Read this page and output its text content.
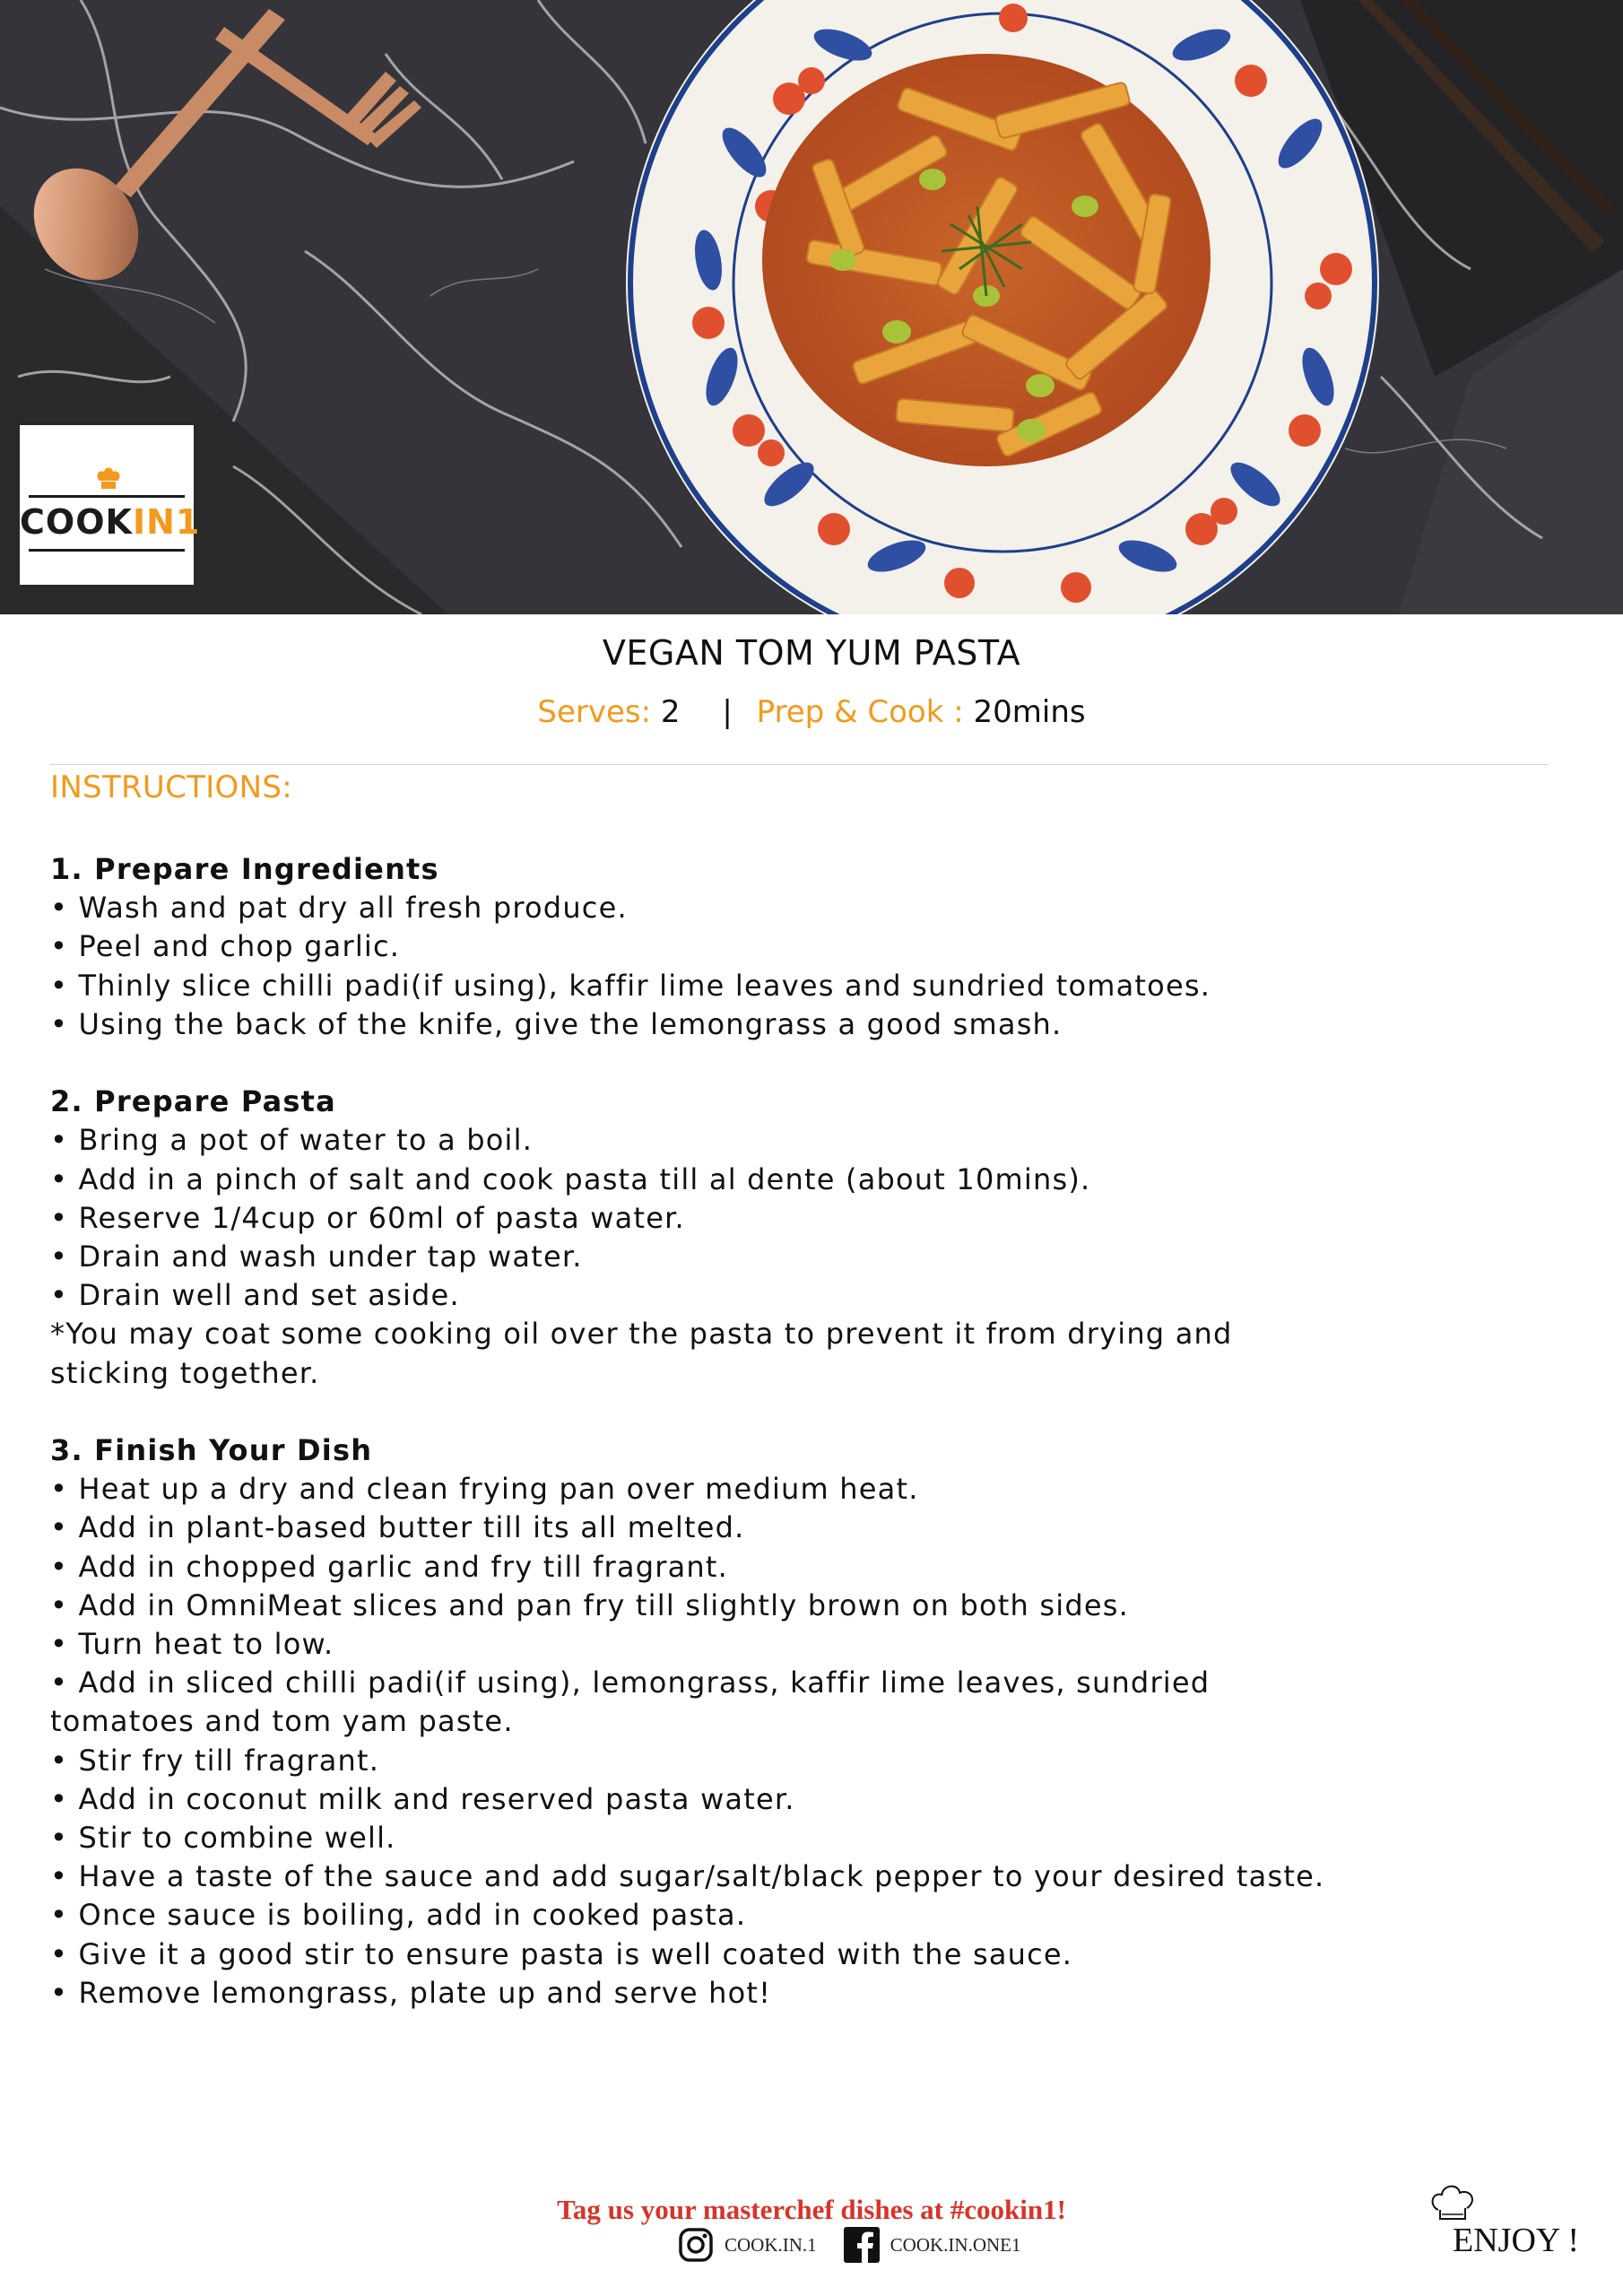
COOKIN1
VEGAN TOM YUM PASTA
Serves: 2 | Prep & Cook : 20mins
INSTRUCTIONS:
1. Prepare Ingredients
• Wash and pat dry all fresh produce.
• Peel and chop garlic.
• Thinly slice chilli padi(if using), kaffir lime leaves and sundried tomatoes.
• Using the back of the knife, give the lemongrass a good smash.
2. Prepare Pasta
• Bring a pot of water to a boil.
• Add in a pinch of salt and cook pasta till al dente (about 10mins).
• Reserve 1/4cup or 60ml of pasta water.
• Drain and wash under tap water.
• Drain well and set aside.

*You may coat some cooking oil over the pasta to prevent it from drying and sticking together.

3. Finish Your Dish
• Heat up a dry and clean frying pan over medium heat.
• Add in plant-based butter till its all melted.
• Add in chopped garlic and fry till fragrant.
• Add in OmniMeat slices and pan fry till slightly brown on both sides.
• Turn heat to low.
• Add in sliced chilli padi(if using), lemongrass, kaffir lime leaves, sundried tomatoes and tom yam paste.
• Stir fry till fragrant.
• Add in coconut milk and reserved pasta water.
• Stir to combine well.
• Have a taste of the sauce and add sugar/salt/black pepper to your desired taste.
• Once sauce is boiling, add in cooked pasta.
• Give it a good stir to ensure pasta is well coated with the sauce.
• Remove lemongrass, plate up and serve hot!
Tag us your masterchef dishes at #cookin1!
COOK.IN.1	COOK.IN.ONE1	ENJOY !
